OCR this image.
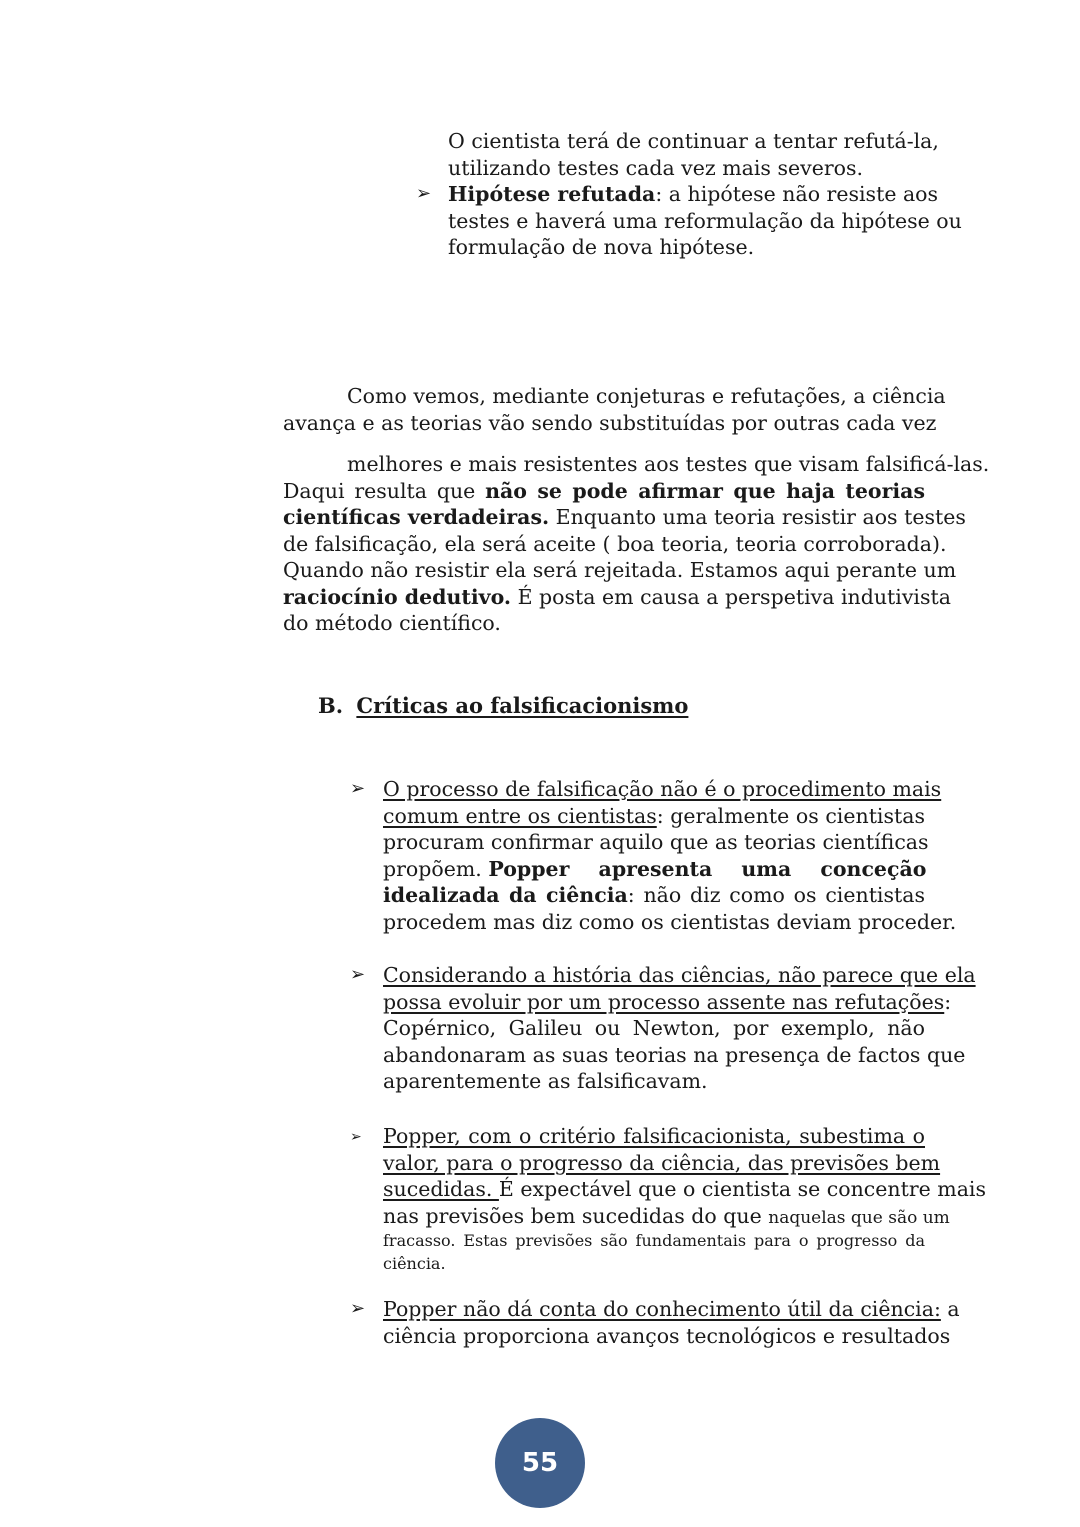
O cientista terá de continuar a tentar refutá-la,
utilizando testes cada vez mais severos.
➢ Hipótese refutada: a hipótese não resiste aos
testes e haverá uma reformulação da hipótese ou
formulação de nova hipótese.
Como vemos, mediante conjeturas e refutações, a ciência
avança e as teorias vão sendo substituídas por outras cada vez
melhores e mais resistentes aos testes que visam falsificá-las.
Daqui resulta que não se pode afirmar que haja teorias
científicas verdadeiras. Enquanto uma teoria resistir aos testes
de falsificação, ela será aceite ( boa teoria, teoria corroborada).
Quando não resistir ela será rejeitada. Estamos aqui perante um
raciocínio dedutivo. É posta em causa a perspetiva indutivista
do método científico.
B. Críticas ao falsificacionismo
➢ O processo de falsificação não é o procedimento mais
comum entre os cientistas: geralmente os cientistas
procuram confirmar aquilo que as teorias científicas
propõem. Popper apresenta uma conceção
idealizada da ciência: não diz como os cientistas
procedem mas diz como os cientistas deviam proceder.
➢ Considerando a história das ciências, não parece que ela
possa evoluir por um processo assente nas refutações:
Copérnico, Galileu ou Newton, por exemplo, não
abandonaram as suas teorias na presença de factos que
aparentemente as falsificavam.
➢ Popper, com o critério falsificacionista, subestima o
valor, para o progresso da ciência, das previsões bem
sucedidas. É expectável que o cientista se concentre mais
nas previsões bem sucedidas do que naquelas que são um
fracasso. Estas previsões são fundamentais para o progresso da
ciência.
➢ Popper não dá conta do conhecimento útil da ciência: a
ciência proporciona avanços tecnológicos e resultados
55
